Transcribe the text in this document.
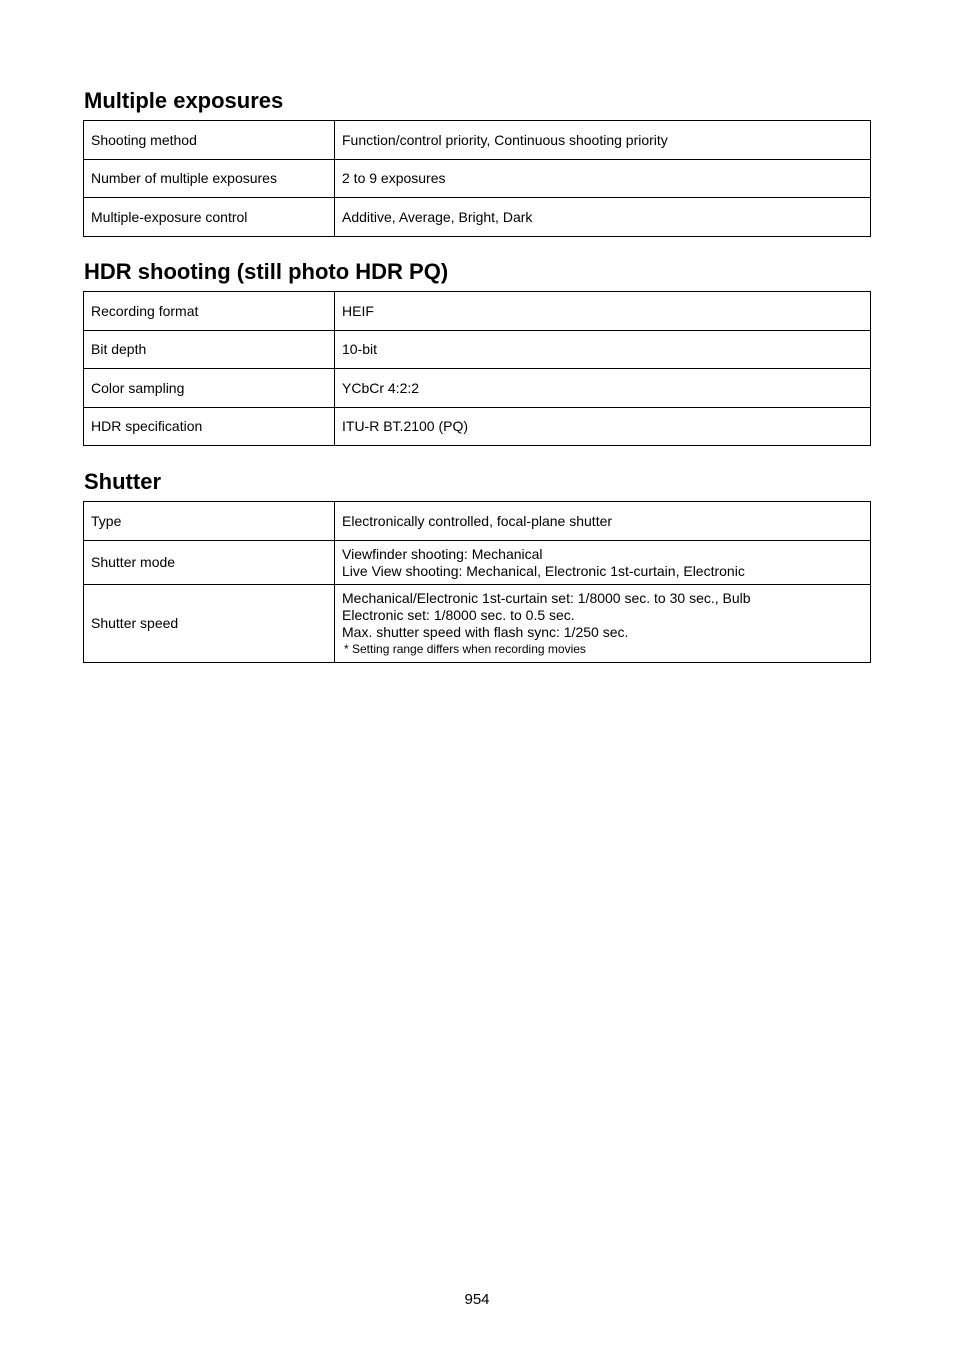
Multiple exposures
Shooting method	Function/control priority, Continuous shooting priority

Number of multiple exposures	2 to 9 exposures

Multiple-exposure control	Additive, Average, Bright, Dark
HDR shooting (still photo HDR PQ)
Recording format	HEIF

Bit depth	10-bit

Color sampling	YCbCr 4:2:2

HDR specification	ITU-R BT.2100 (PQ)
Shutter
Type	Electronically controlled, focal-plane shutter

Shutter mode	Viewfinder shooting: Mechanical
Live View shooting: Mechanical, Electronic 1st-curtain, Electronic

Shutter speed	Mechanical/Electronic 1st-curtain set: 1/8000 sec. to 30 sec., Bulb
Electronic set: 1/8000 sec. to 0.5 sec.
Max. shutter speed with flash sync: 1/250 sec.
* Setting range differs when recording movies
954
